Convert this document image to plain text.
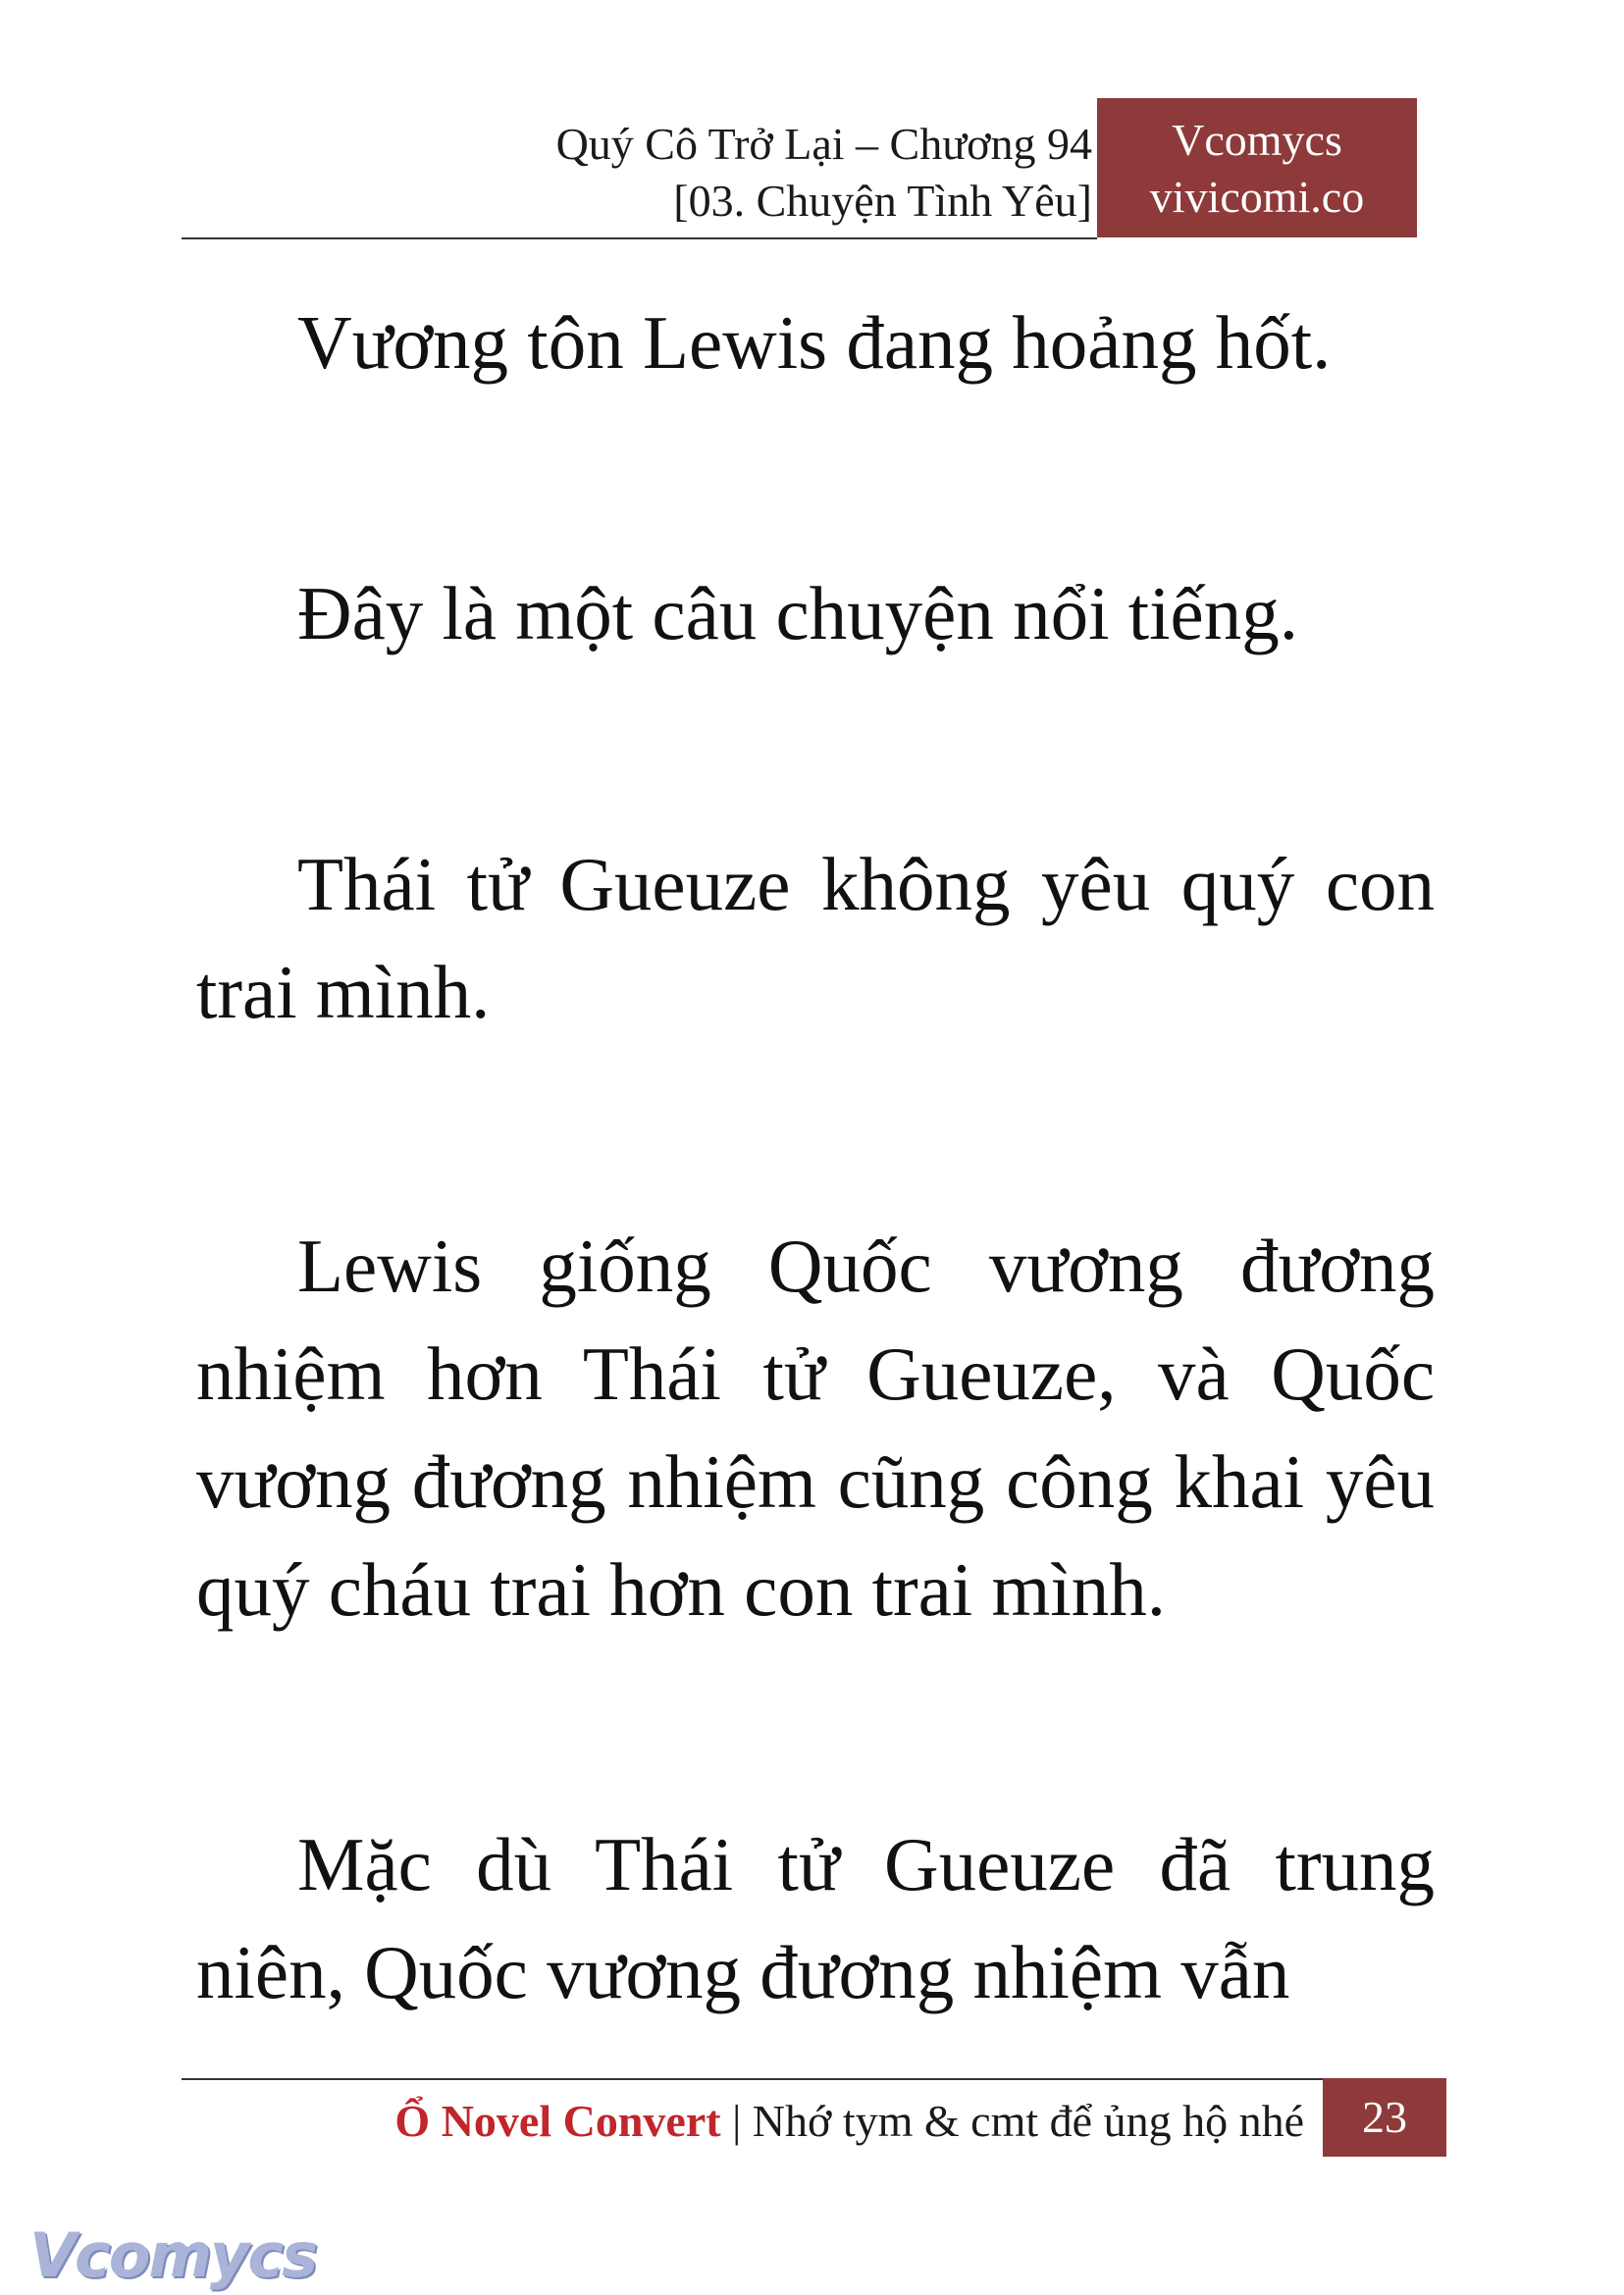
Quý Cô Trở Lại – Chương 94
[03. Chuyện Tình Yêu]
Vcomycs
vivicomi.co

Vương tôn Lewis đang hoảng hốt.

Đây là một câu chuyện nổi tiếng.

Thái tử Gueuze không yêu quý con trai mình.

Lewis giống Quốc vương đương nhiệm hơn Thái tử Gueuze, và Quốc vương đương nhiệm cũng công khai yêu quý cháu trai hơn con trai mình.

Mặc dù Thái tử Gueuze đã trung niên, Quốc vương đương nhiệm vẫn

Ổ Novel Convert | Nhớ tym & cmt để ủng hộ nhé	23
Vcomycs
